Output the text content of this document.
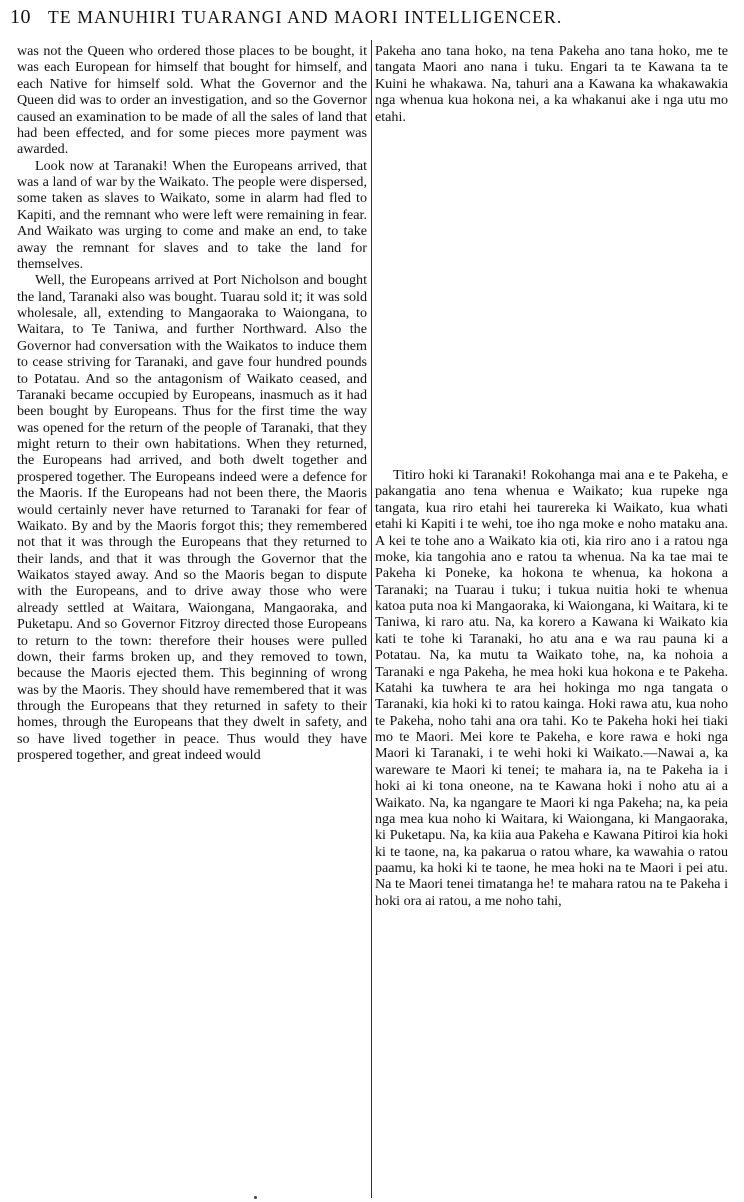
10 TE MANUHIRI TUARANGI AND MAORI INTELLIGENCER.

was not the Queen who ordered those places to be bought, it was each European for himself that bought for himself, and each Native for himself sold. What the Governor and the Queen did was to order an investigation, and so the Governor caused an examination to be made of all the sales of land that had been effected, and for some pieces more payment was awarded.

Look now at Taranaki! When the Europeans arrived, that was a land of war by the Waikato. The people were dispersed, some taken as slaves to Waikato, some in alarm had fled to Kapiti, and the remnant who were left were remaining in fear. And Waikato was urging to come and make an end, to take away the remnant for slaves and to take the land for themselves.

Well, the Europeans arrived at Port Nicholson and bought the land, Taranaki also was bought. Tuarau sold it; it was sold wholesale, all, extending to Mangaoraka to Waiongana, to Waitara, to Te Taniwa, and further Northward. Also the Governor had conversation with the Waikatos to induce them to cease striving for Taranaki, and gave four hundred pounds to Potatau. And so the antagonism of Waikato ceased, and Taranaki became occupied by Europeans, inasmuch as it had been bought by Europeans. Thus for the first time the way was opened for the return of the people of Taranaki, that they might return to their own habitations. When they returned, the Europeans had arrived, and both dwelt together and prospered together. The Europeans indeed were a defence for the Maoris. If the Europeans had not been there, the Maoris would certainly never have returned to Taranaki for fear of Waikato. By and by the Maoris forgot this; they remembered not that it was through the Europeans that they returned to their lands, and that it was through the Governor that the Waikatos stayed away. And so the Maoris began to dispute with the Europeans, and to drive away those who were already settled at Waitara, Waiongana, Mangaoraka, and Puketapu. And so Governor Fitzroy directed those Europeans to return to the town: therefore their houses were pulled down, their farms broken up, and they removed to town, because the Maoris ejected them. This beginning of wrong was by the Maoris. They should have remembered that it was through the Europeans that they returned in safety to their homes, through the Europeans that they dwelt in safety, and so have lived together in peace. Thus would they have prospered together, and great indeed would

Pakeha ano tana hoko, na tena Pakeha ano tana hoko, me te tangata Maori ano nana i tuku. Engari ta te Kawana ta te Kuini he whakawa. Na, tahuri ana a Kawana ka whakawakia nga whenua kua hokona nei, a ka whakanui ake i nga utu mo etahi.

Titiro hoki ki Taranaki! Rokohanga mai ana e te Pakeha, e pakangatia ano tena whenua e Waikato; kua rupeke nga tangata, kua riro etahi hei taurereka ki Waikato, kua whati etahi ki Kapiti i te wehi, toe iho nga moke e noho mataku ana. A kei te tohe ano a Waikato kia oti, kia riro ano i a ratou nga moke, kia tangohia ano e ratou ta whenua. Na ka tae mai te Pakeha ki Poneke, ka hokona te whenua, ka hokona a Taranaki; na Tuarau i tuku; i tukua nuitia hoki te whenua katoa puta noa ki Mangaoraka, ki Waiongana, ki Waitara, ki te Taniwa, ki raro atu. Na, ka korero a Kawana ki Waikato kia kati te tohe ki Taranaki, ho atu ana e wa rau pauna ki a Potatau. Na, ka mutu ta Waikato tohe, na, ka nohoia a Taranaki e nga Pakeha, he mea hoki kua hokona e te Pakeha. Katahi ka tuwhera te ara hei hokinga mo nga tangata o Taranaki, kia hoki ki to ratou kainga. Hoki rawa atu, kua noho te Pakeha, noho tahi ana ora tahi. Ko te Pakeha hoki hei tiaki mo te Maori. Mei kore te Pakeha, e kore rawa e hoki nga Maori ki Taranaki, i te wehi hoki ki Waikato.—Nawai a, ka wareware te Maori ki tenei; te mahara ia, na te Pakeha ia i hoki ai ki tona oneone, na te Kawana hoki i noho atu ai a Waikato. Na, ka ngangare te Maori ki nga Pakeha; na, ka peia nga mea kua noho ki Waitara, ki Waiongana, ki Mangaoraka, ki Puketapu. Na, ka kiia aua Pakeha e Kawana Pitiroi kia hoki ki te taone, na, ka pakarua o ratou whare, ka wawahia o ratou paamu, ka hoki ki te taone, he mea hoki na te Maori i pei atu. Na te Maori tenei timatanga he! te mahara ratou na te Pakeha i hoki ora ai ratou, a me noho tahi,
